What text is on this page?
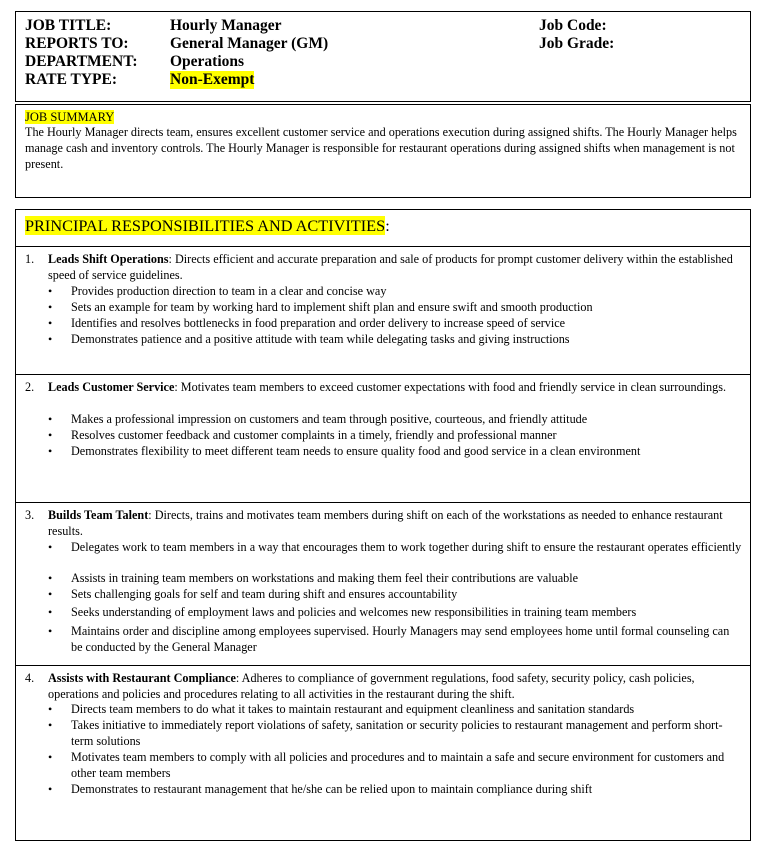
JOB TITLE:	Hourly Manager	Job Code:
REPORTS TO:	General Manager (GM)	Job Grade:
DEPARTMENT: Operations
RATE TYPE:	Non-Exempt
JOB SUMMARY
The Hourly Manager directs team, ensures excellent customer service and operations execution during assigned shifts. The Hourly Manager helps manage cash and inventory controls. The Hourly Manager is responsible for restaurant operations during assigned shifts when management is not present.
PRINCIPAL RESPONSIBILITIES AND ACTIVITIES:
1. Leads Shift Operations: Directs efficient and accurate preparation and sale of products for prompt customer delivery within the established speed of service guidelines.
• Provides production direction to team in a clear and concise way
• Sets an example for team by working hard to implement shift plan and ensure swift and smooth production
• Identifies and resolves bottlenecks in food preparation and order delivery to increase speed of service
• Demonstrates patience and a positive attitude with team while delegating tasks and giving instructions
2. Leads Customer Service: Motivates team members to exceed customer expectations with food and friendly service in clean surroundings.
• Makes a professional impression on customers and team through positive, courteous, and friendly attitude
• Resolves customer feedback and customer complaints in a timely, friendly and professional manner
• Demonstrates flexibility to meet different team needs to ensure quality food and good service in a clean environment
3. Builds Team Talent: Directs, trains and motivates team members during shift on each of the workstations as needed to enhance restaurant results.
• Delegates work to team members in a way that encourages them to work together during shift to ensure the restaurant operates efficiently
• Assists in training team members on workstations and making them feel their contributions are valuable
• Sets challenging goals for self and team during shift and ensures accountability
• Seeks understanding of employment laws and policies and welcomes new responsibilities in training team members
• Maintains order and discipline among employees supervised. Hourly Managers may send employees home until formal counseling can be conducted by the General Manager
4. Assists with Restaurant Compliance: Adheres to compliance of government regulations, food safety, security policy, cash policies, operations and policies and procedures relating to all activities in the restaurant during the shift.
• Directs team members to do what it takes to maintain restaurant and equipment cleanliness and sanitation standards
• Takes initiative to immediately report violations of safety, sanitation or security policies to restaurant management and perform short-term solutions
• Motivates team members to comply with all policies and procedures and to maintain a safe and secure environment for customers and other team members
• Demonstrates to restaurant management that he/she can be relied upon to maintain compliance during shift
